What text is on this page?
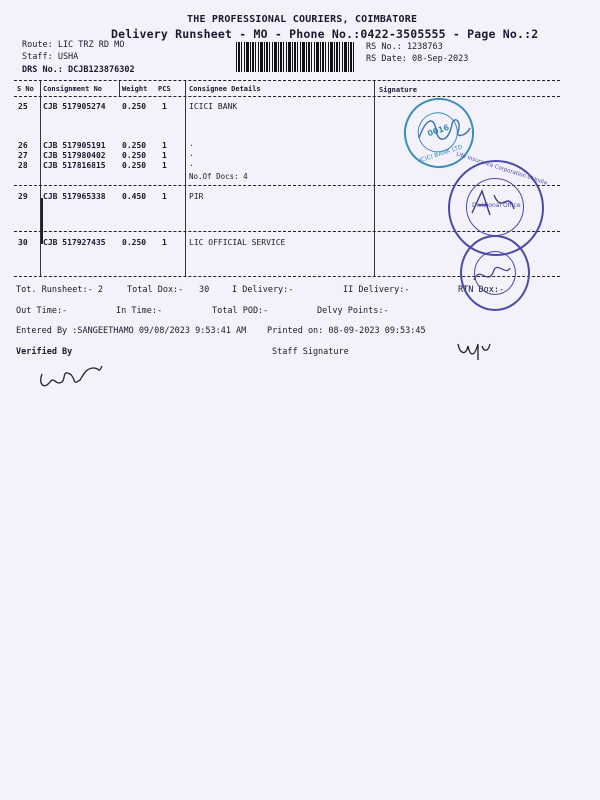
THE PROFESSIONAL COURIERS, COIMBATORE
Delivery Runsheet - MO - Phone No.:0422-3505555 - Page No.:2
Route: LIC TRZ RD MO
Staff: USHA
DRS No.: DCJB123876302
RS No.: 1238763
RS Date: 08-Sep-2023
S No Consignment No	Weight PCS	Consignee Details	Signature
25 CJB 517905274 0.250 1	ICICI BANK
26 CJB 517905191 0.250 1	.
27 CJB 517980402 0.250 1	.
28 CJB 517816815 0.250 1	.
No.Of Docs: 4
29 CJB 517965338 0.450 1	PIR
30 CJB 517927435 0.250 1	LIC OFFICIAL SERVICE
Tot. Runsheet:- 2	Total Dox:- 30	I Delivery:-	II Delivery:-	RTN Dox:-
Out Time:-	In Time:-	Total POD:-	Delvy Points:-
Entered By :SANGEETHAMO 09/08/2023 9:53:41 AM Printed on: 08-09-2023 09:53:45
Verified By	Staff Signature
ICICI BANK LTD
0016
Life Insurance Corporation of India
Divisional Office
